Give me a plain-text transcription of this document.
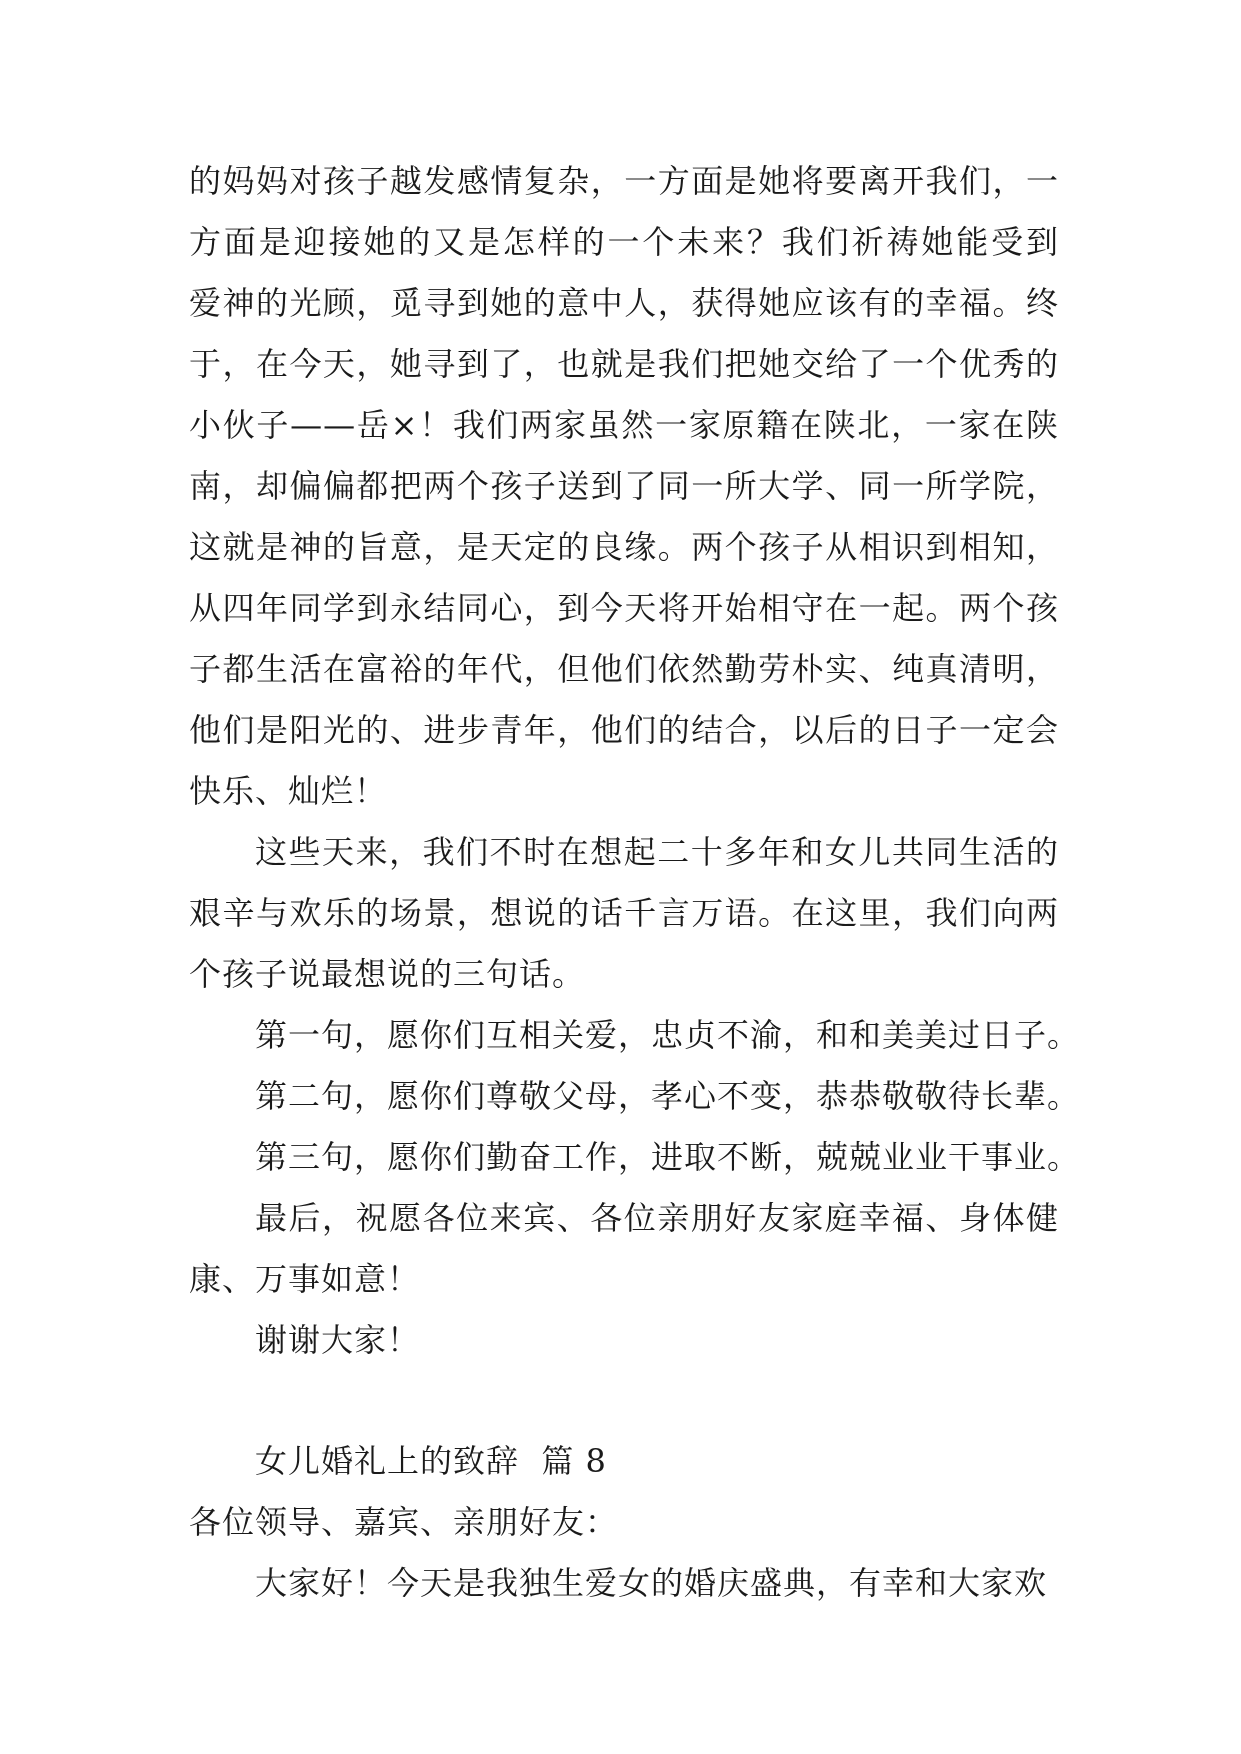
的妈妈对孩子越发感情复杂，一方面是她将要离开我们，一
方面是迎接她的又是怎样的一个未来？我们祈祷她能受到
爱神的光顾，觅寻到她的意中人，获得她应该有的幸福。终
于，在今天，她寻到了，也就是我们把她交给了一个优秀的
小伙子——岳×！我们两家虽然一家原籍在陕北，一家在陕
南，却偏偏都把两个孩子送到了同一所大学、同一所学院，
这就是神的旨意，是天定的良缘。两个孩子从相识到相知，
从四年同学到永结同心，到今天将开始相守在一起。两个孩
子都生活在富裕的年代，但他们依然勤劳朴实、纯真清明，
他们是阳光的、进步青年，他们的结合，以后的日子一定会
快乐、灿烂！
这些天来，我们不时在想起二十多年和女儿共同生活的
艰辛与欢乐的场景，想说的话千言万语。在这里，我们向两
个孩子说最想说的三句话。
第一句，愿你们互相关爱，忠贞不渝，和和美美过日子。
第二句，愿你们尊敬父母，孝心不变，恭恭敬敬待长辈。
第三句，愿你们勤奋工作，进取不断，兢兢业业干事业。
最后，祝愿各位来宾、各位亲朋好友家庭幸福、身体健
康、万事如意！
谢谢大家！
女儿婚礼上的致辞  篇 8
各位领导、嘉宾、亲朋好友：
大家好！今天是我独生爱女的婚庆盛典，有幸和大家欢
